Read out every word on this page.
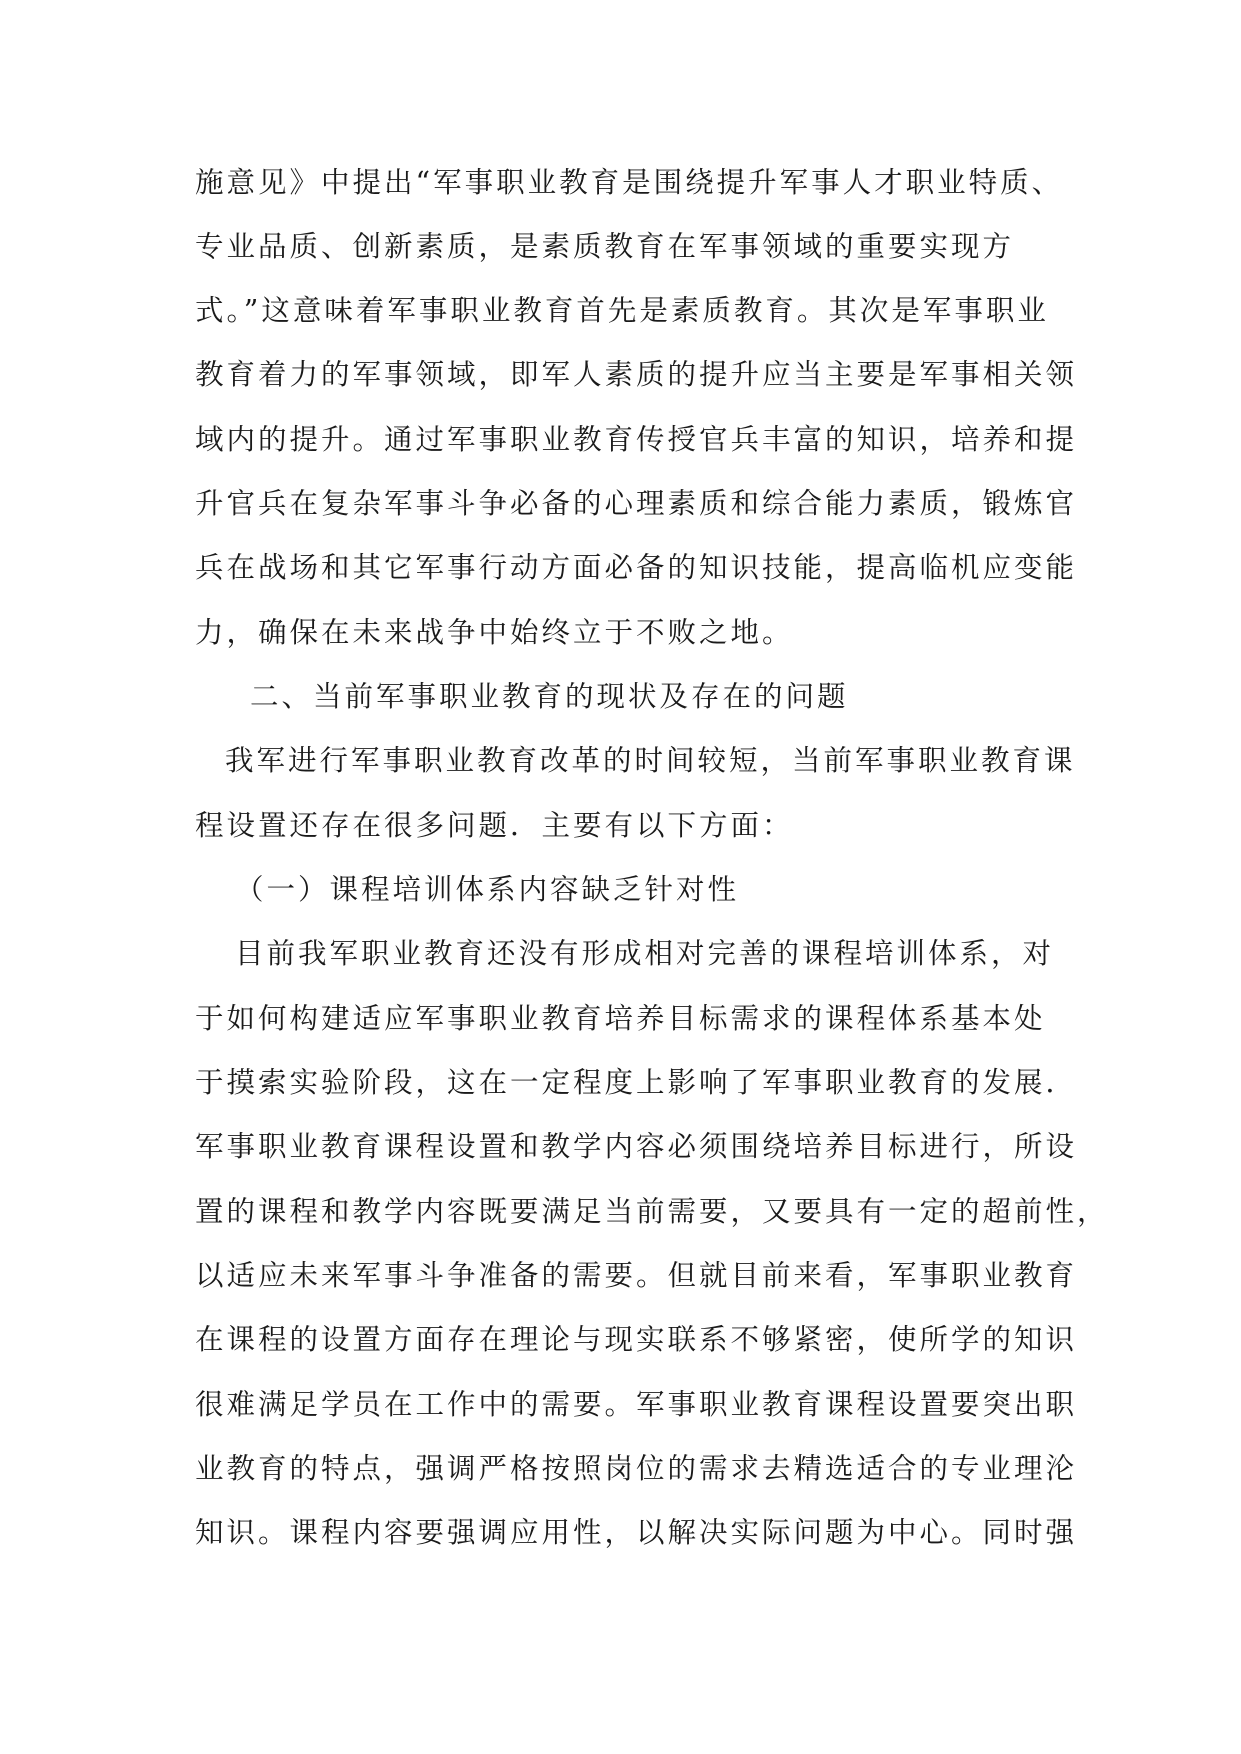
施意见》中提出“军事职业教育是围绕提升军事人才职业特质、
专业品质、创新素质，是素质教育在军事领域的重要实现方
式。”这意味着军事职业教育首先是素质教育。其次是军事职业
教育着力的军事领域，即军人素质的提升应当主要是军事相关领
域内的提升。通过军事职业教育传授官兵丰富的知识，培养和提
升官兵在复杂军事斗争必备的心理素质和综合能力素质，锻炼官
兵在战场和其它军事行动方面必备的知识技能，提高临机应变能
力，确保在未来战争中始终立于不败之地。
二、当前军事职业教育的现状及存在的问题
我军进行军事职业教育改革的时间较短，当前军事职业教育课
程设置还存在很多问题．主要有以下方面：
（一）课程培训体系内容缺乏针对性
目前我军职业教育还没有形成相对完善的课程培训体系，对
于如何构建适应军事职业教育培养目标需求的课程体系基本处
于摸索实验阶段，这在一定程度上影响了军事职业教育的发展．
军事职业教育课程设置和教学内容必须围绕培养目标进行，所设
置的课程和教学内容既要满足当前需要，又要具有一定的超前性，
以适应未来军事斗争准备的需要。但就目前来看，军事职业教育
在课程的设置方面存在理论与现实联系不够紧密，使所学的知识
很难满足学员在工作中的需要。军事职业教育课程设置要突出职
业教育的特点，强调严格按照岗位的需求去精选适合的专业理沦
知识。课程内容要强调应用性，以解决实际问题为中心。同时强
